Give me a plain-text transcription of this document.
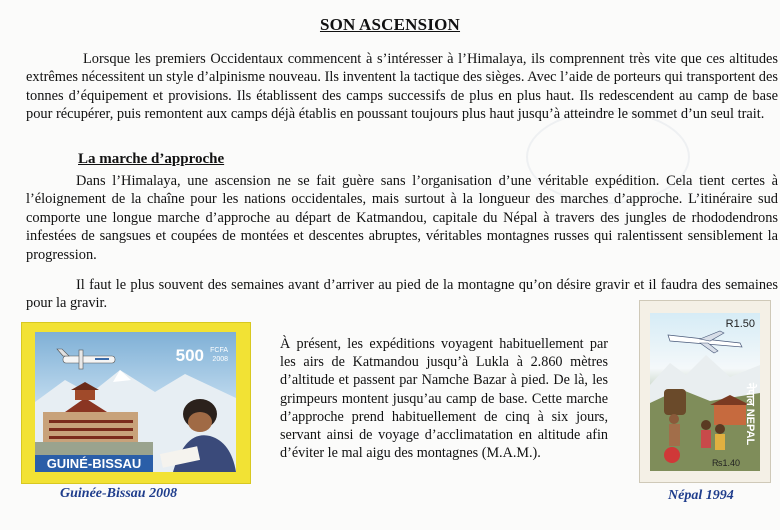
SON ASCENSION

Lorsque les premiers Occidentaux commencent à s’intéresser à l’Himalaya, ils comprennent très vite que ces altitudes extrêmes nécessitent un style d’alpinisme nouveau. Ils inventent la tactique des sièges. Avec l’aide de porteurs qui transportent des tonnes d’équipement et provisions. Ils établissent des camps successifs de plus en plus haut. Ils redescendent au camp de base pour récupérer, puis remontent aux camps déjà établis en poussant toujours plus haut jusqu’à atteindre le sommet d’un seul trait.

La marche d’approche

Dans l’Himalaya, une ascension ne se fait guère sans l’organisation d’une véritable expédition. Cela tient certes à l’éloignement de la chaîne pour les nations occidentales, mais surtout à la longueur des marches d’approche. L’itinéraire sud comporte une longue marche d’approche au départ de Katmandou, capitale du Népal à travers des jungles de rhododendrons infestées de sangsues et coupées de montées et descentes abruptes, véritables montagnes russes qui ralentissent sensiblement la progression.

Il faut le plus souvent des semaines avant d’arriver au pied de la montagne qu’on désire gravir et il faudra des semaines pour la gravir.

À présent, les expéditions voyagent habituellement par les airs de Katmandou jusqu’à Lukla à 2.860 mètres d’altitude et passent par Namche Bazar à pied. De là, les grimpeurs montent jusqu’au camp de base. Cette marche d’approche prend habituellement de cinq à six jours, servant ainsi de voyage d’acclimatation en altitude afin d’éviter le mal aigu des montagnes (M.A.M.).

500 FCFA
2008
GUINÉ-BISSAU
Guinée-Bissau 2008
₨1.40
R1.50
नेपाल NEPAL
Népal 1994
